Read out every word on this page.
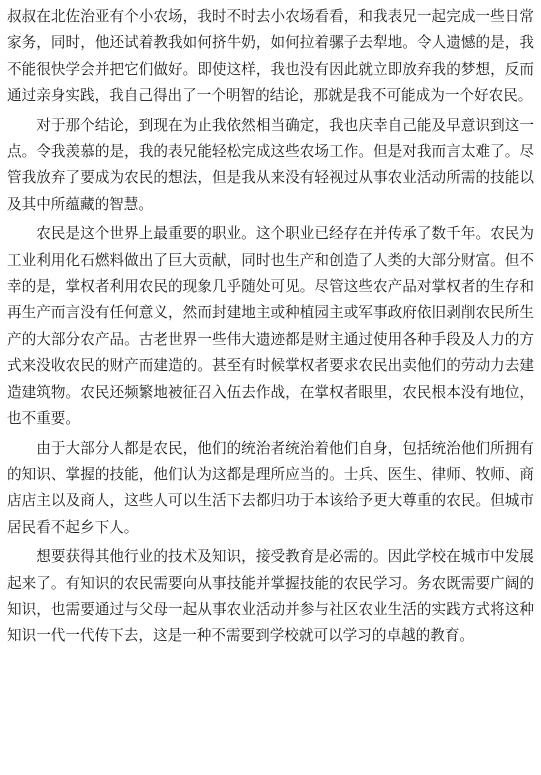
叔叔在北佐治亚有个小农场，我时不时去小农场看看，和我表兄一起完成一些日常家务，同时，他还试着教我如何挤牛奶，如何拉着骡子去犁地。令人遗憾的是，我不能很快学会并把它们做好。即使这样，我也没有因此就立即放弃我的梦想，反而通过亲身实践，我自己得出了一个明智的结论，那就是我不可能成为一个好农民。

对于那个结论，到现在为止我依然相当确定，我也庆幸自己能及早意识到这一点。令我羡慕的是，我的表兄能轻松完成这些农场工作。但是对我而言太难了。尽管我放弃了要成为农民的想法，但是我从来没有轻视过从事农业活动所需的技能以及其中所蕴藏的智慧。

农民是这个世界上最重要的职业。这个职业已经存在并传承了数千年。农民为工业利用化石燃料做出了巨大贡献，同时也生产和创造了人类的大部分财富。但不幸的是，掌权者利用农民的现象几乎随处可见。尽管这些农产品对掌权者的生存和再生产而言没有任何意义，然而封建地主或种植园主或军事政府依旧剥削农民所生产的大部分农产品。古老世界一些伟大遗迹都是财主通过使用各种手段及人力的方式来没收农民的财产而建造的。甚至有时候掌权者要求农民出卖他们的劳动力去建造建筑物。农民还频繁地被征召入伍去作战，在掌权者眼里，农民根本没有地位，也不重要。

由于大部分人都是农民，他们的统治者统治着他们自身，包括统治他们所拥有的知识、掌握的技能，他们认为这都是理所应当的。士兵、医生、律师、牧师、商店店主以及商人，这些人可以生活下去都归功于本该给予更大尊重的农民。但城市居民看不起乡下人。

想要获得其他行业的技术及知识，接受教育是必需的。因此学校在城市中发展起来了。有知识的农民需要向从事技能并掌握技能的农民学习。务农既需要广阔的知识，也需要通过与父母一起从事农业活动并参与社区农业生活的实践方式将这种知识一代一代传下去，这是一种不需要到学校就可以学习的卓越的教育。
